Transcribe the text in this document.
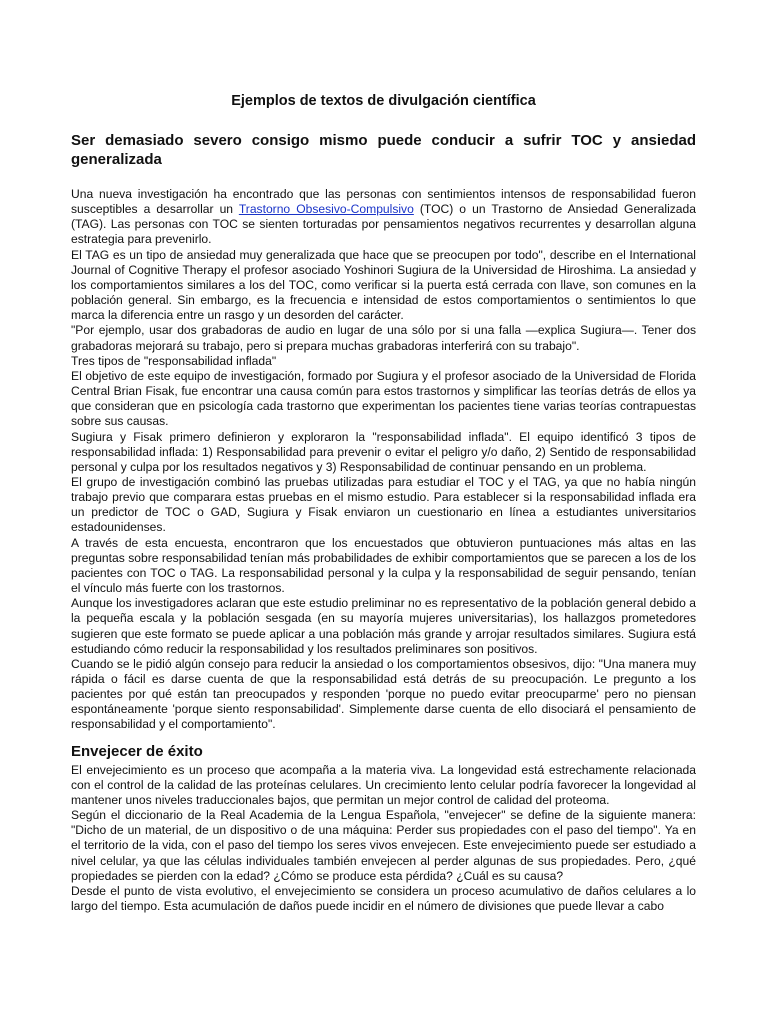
Ejemplos de textos de divulgación científica
Ser demasiado severo consigo mismo puede conducir a sufrir TOC y ansiedad generalizada

Una nueva investigación ha encontrado que las personas con sentimientos intensos de responsabilidad fueron susceptibles a desarrollar un Trastorno Obsesivo-Compulsivo (TOC) o un Trastorno de Ansiedad Generalizada (TAG). Las personas con TOC se sienten torturadas por pensamientos negativos recurrentes y desarrollan alguna estrategia para prevenirlo.

El TAG es un tipo de ansiedad muy generalizada que hace que se preocupen por todo", describe en el International Journal of Cognitive Therapy el profesor asociado Yoshinori Sugiura de la Universidad de Hiroshima. La ansiedad y los comportamientos similares a los del TOC, como verificar si la puerta está cerrada con llave, son comunes en la población general. Sin embargo, es la frecuencia e intensidad de estos comportamientos o sentimientos lo que marca la diferencia entre un rasgo y un desorden del carácter.

"Por ejemplo, usar dos grabadoras de audio en lugar de una sólo por si una falla —explica Sugiura—. Tener dos grabadoras mejorará su trabajo, pero si prepara muchas grabadoras interferirá con su trabajo".

Tres tipos de "responsabilidad inflada"

El objetivo de este equipo de investigación, formado por Sugiura y el profesor asociado de la Universidad de Florida Central Brian Fisak, fue encontrar una causa común para estos trastornos y simplificar las teorías detrás de ellos ya que consideran que en psicología cada trastorno que experimentan los pacientes tiene varias teorías contrapuestas sobre sus causas.

Sugiura y Fisak primero definieron y exploraron la "responsabilidad inflada". El equipo identificó 3 tipos de responsabilidad inflada: 1) Responsabilidad para prevenir o evitar el peligro y/o daño, 2) Sentido de responsabilidad personal y culpa por los resultados negativos y 3) Responsabilidad de continuar pensando en un problema.

El grupo de investigación combinó las pruebas utilizadas para estudiar el TOC y el TAG, ya que no había ningún trabajo previo que comparara estas pruebas en el mismo estudio. Para establecer si la responsabilidad inflada era un predictor de TOC o GAD, Sugiura y Fisak enviaron un cuestionario en línea a estudiantes universitarios estadounidenses.

A través de esta encuesta, encontraron que los encuestados que obtuvieron puntuaciones más altas en las preguntas sobre responsabilidad tenían más probabilidades de exhibir comportamientos que se parecen a los de los pacientes con TOC o TAG. La responsabilidad personal y la culpa y la responsabilidad de seguir pensando, tenían el vínculo más fuerte con los trastornos.

Aunque los investigadores aclaran que este estudio preliminar no es representativo de la población general debido a la pequeña escala y la población sesgada (en su mayoría mujeres universitarias), los hallazgos prometedores sugieren que este formato se puede aplicar a una población más grande y arrojar resultados similares. Sugiura está estudiando cómo reducir la responsabilidad y los resultados preliminares son positivos.

Cuando se le pidió algún consejo para reducir la ansiedad o los comportamientos obsesivos, dijo: "Una manera muy rápida o fácil es darse cuenta de que la responsabilidad está detrás de su preocupación. Le pregunto a los pacientes por qué están tan preocupados y responden 'porque no puedo evitar preocuparme' pero no piensan espontáneamente 'porque siento responsabilidad'. Simplemente darse cuenta de ello disociará el pensamiento de responsabilidad y el comportamiento".

Envejecer de éxito

El envejecimiento es un proceso que acompaña a la materia viva. La longevidad está estrechamente relacionada con el control de la calidad de las proteínas celulares. Un crecimiento lento celular podría favorecer la longevidad al mantener unos niveles traduccionales bajos, que permitan un mejor control de calidad del proteoma.

Según el diccionario de la Real Academia de la Lengua Española, "envejecer" se define de la siguiente manera: "Dicho de un material, de un dispositivo o de una máquina: Perder sus propiedades con el paso del tiempo". Ya en el territorio de la vida, con el paso del tiempo los seres vivos envejecen. Este envejecimiento puede ser estudiado a nivel celular, ya que las células individuales también envejecen al perder algunas de sus propiedades. Pero, ¿qué propiedades se pierden con la edad? ¿Cómo se produce esta pérdida? ¿Cuál es su causa?

Desde el punto de vista evolutivo, el envejecimiento se considera un proceso acumulativo de daños celulares a lo largo del tiempo. Esta acumulación de daños puede incidir en el número de divisiones que puede llevar a cabo
